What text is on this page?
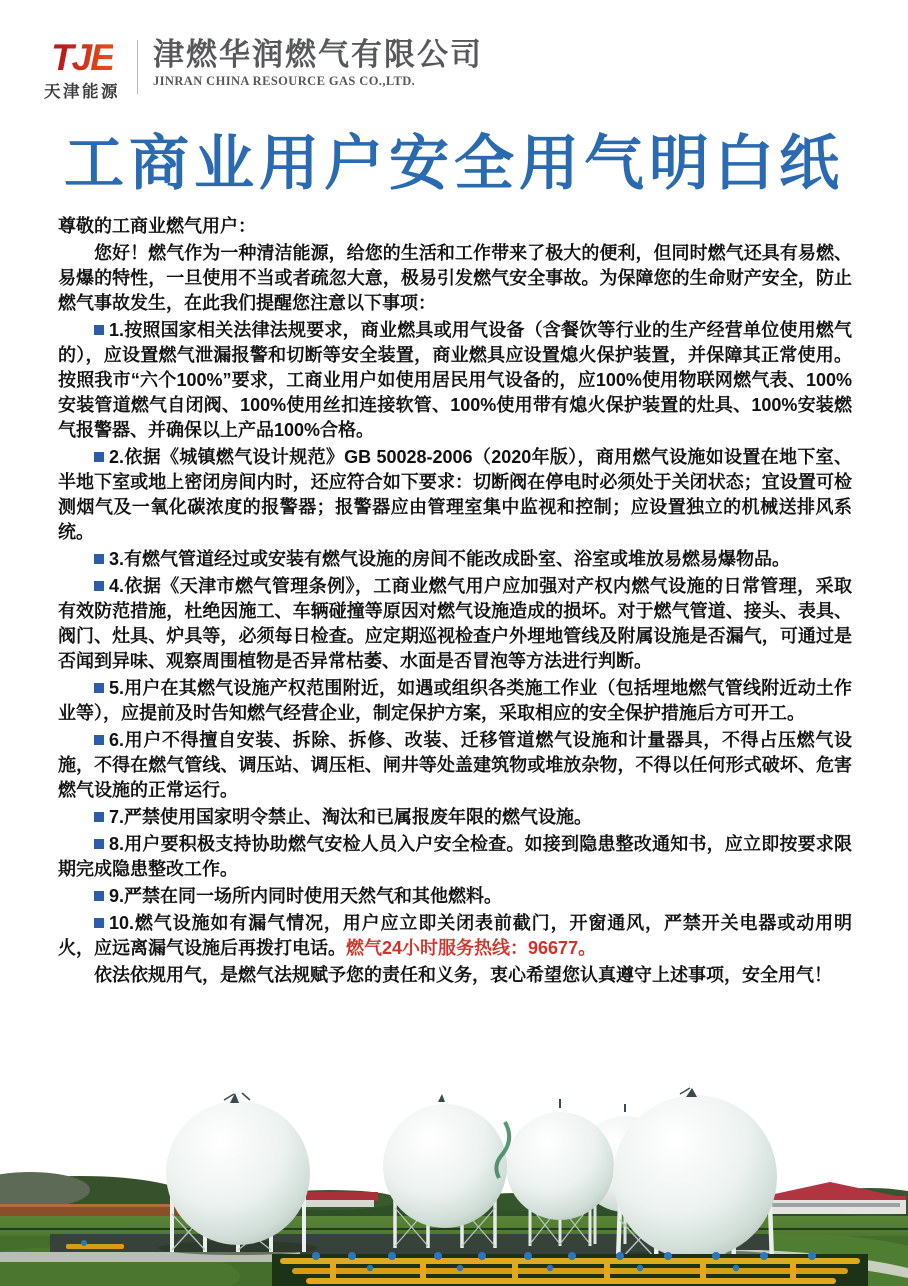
TJE
天津能源
津燃华润燃气有限公司
JINRAN CHINA RESOURCE GAS CO.,LTD.
工商业用户安全用气明白纸

尊敬的工商业燃气用户：

您好！燃气作为一种清洁能源，给您的生活和工作带来了极大的便利，但同时燃气还具有易燃、易爆的特性，一旦使用不当或者疏忽大意，极易引发燃气安全事故。为保障您的生命财产安全，防止燃气事故发生，在此我们提醒您注意以下事项：

1.按照国家相关法律法规要求，商业燃具或用气设备（含餐饮等行业的生产经营单位使用燃气的），应设置燃气泄漏报警和切断等安全装置，商业燃具应设置熄火保护装置，并保障其正常使用。按照我市“六个100%”要求，工商业用户如使用居民用气设备的，应100%使用物联网燃气表、100%安装管道燃气自闭阀、100%使用丝扣连接软管、100%使用带有熄火保护装置的灶具、100%安装燃气报警器、并确保以上产品100%合格。

2.依据《城镇燃气设计规范》GB 50028-2006（2020年版），商用燃气设施如设置在地下室、半地下室或地上密闭房间内时，还应符合如下要求：切断阀在停电时必须处于关闭状态；宜设置可检测烟气及一氧化碳浓度的报警器；报警器应由管理室集中监视和控制；应设置独立的机械送排风系统。

3.有燃气管道经过或安装有燃气设施的房间不能改成卧室、浴室或堆放易燃易爆物品。

4.依据《天津市燃气管理条例》，工商业燃气用户应加强对产权内燃气设施的日常管理，采取有效防范措施，杜绝因施工、车辆碰撞等原因对燃气设施造成的损坏。对于燃气管道、接头、表具、阀门、灶具、炉具等，必须每日检查。应定期巡视检查户外埋地管线及附属设施是否漏气，可通过是否闻到异味、观察周围植物是否异常枯萎、水面是否冒泡等方法进行判断。

5.用户在其燃气设施产权范围附近，如遇或组织各类施工作业（包括埋地燃气管线附近动土作业等），应提前及时告知燃气经营企业，制定保护方案，采取相应的安全保护措施后方可开工。

6.用户不得擅自安装、拆除、拆修、改装、迁移管道燃气设施和计量器具，不得占压燃气设施，不得在燃气管线、调压站、调压柜、闸井等处盖建筑物或堆放杂物，不得以任何形式破坏、危害燃气设施的正常运行。

7.严禁使用国家明令禁止、淘汰和已属报废年限的燃气设施。

8.用户要积极支持协助燃气安检人员入户安全检查。如接到隐患整改通知书，应立即按要求限期完成隐患整改工作。

9.严禁在同一场所内同时使用天然气和其他燃料。

10.燃气设施如有漏气情况，用户应立即关闭表前截门，开窗通风，严禁开关电器或动用明火，应远离漏气设施后再拨打电话。燃气24小时服务热线：96677。

依法依规用气，是燃气法规赋予您的责任和义务，衷心希望您认真遵守上述事项，安全用气！
